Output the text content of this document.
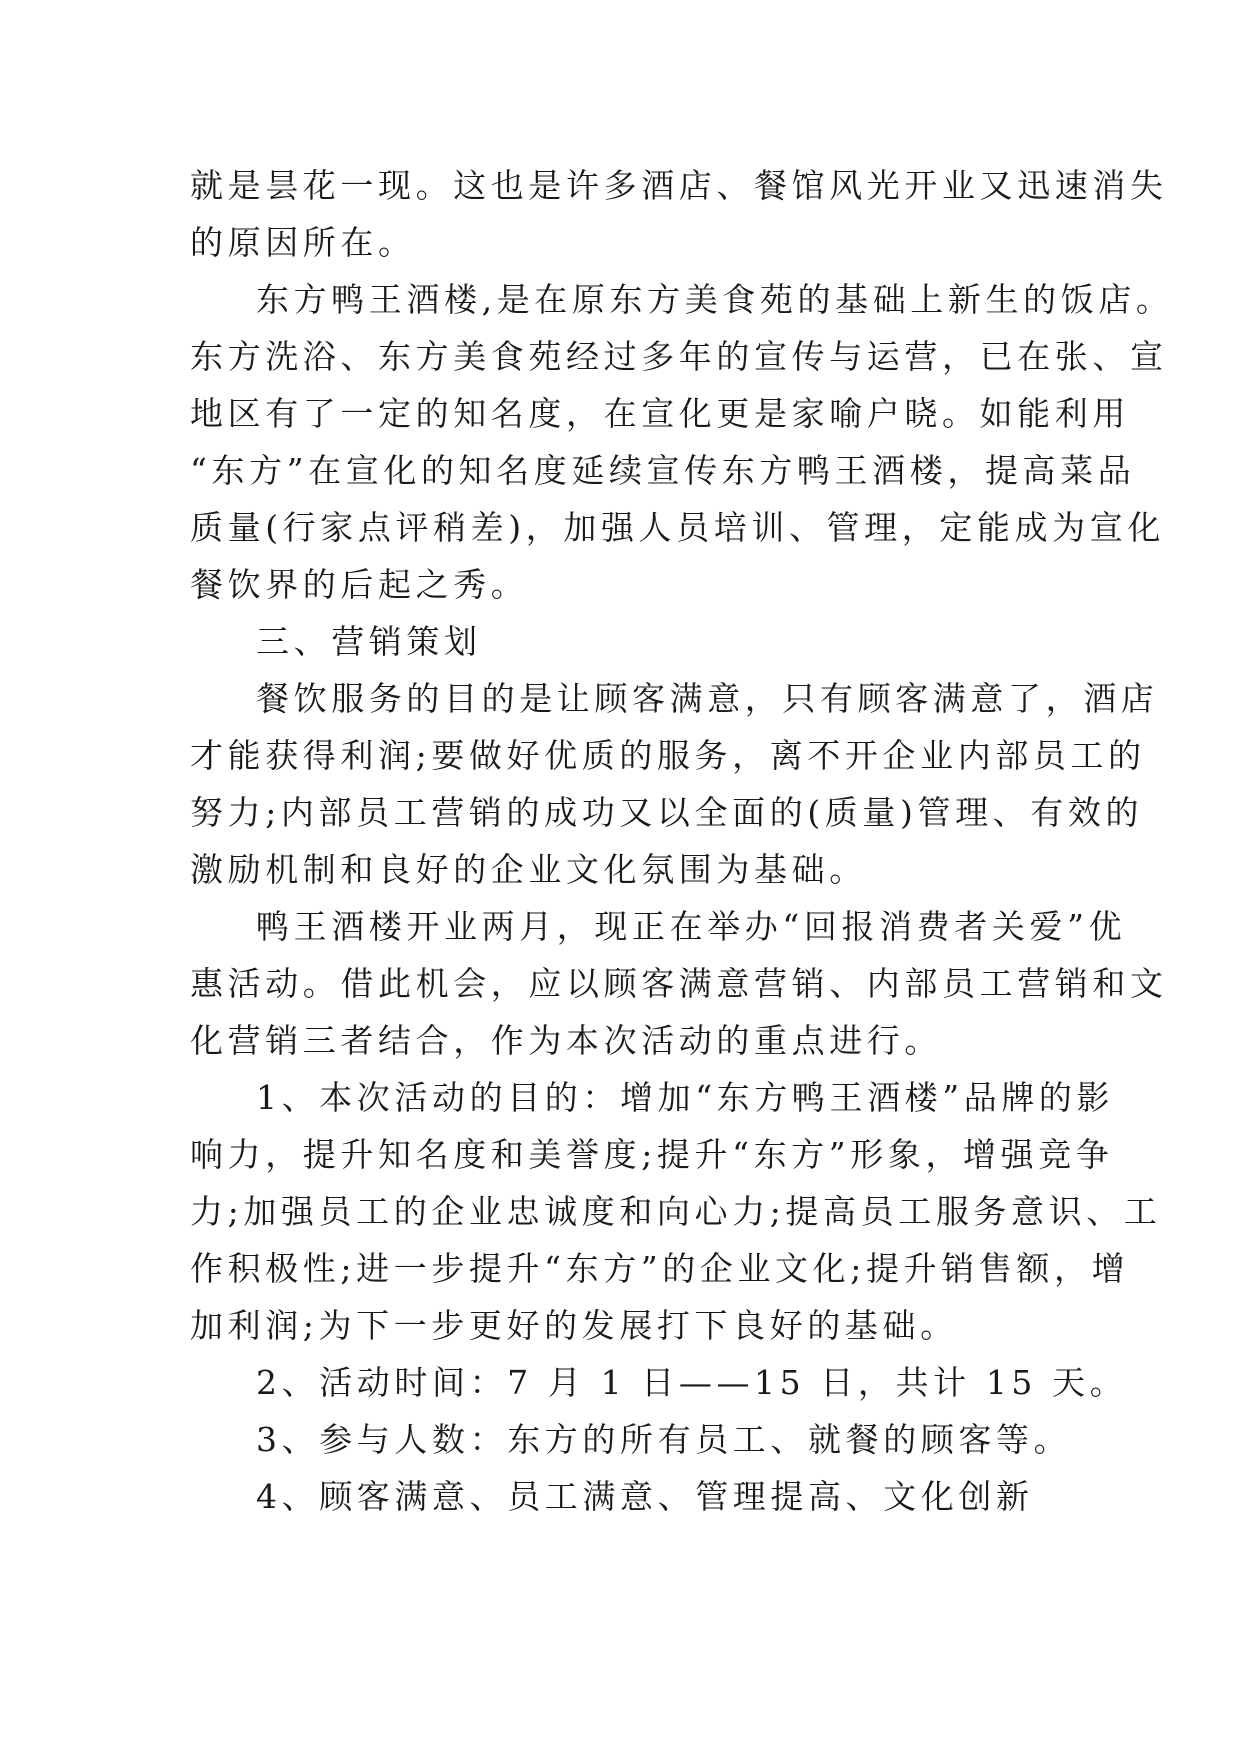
就是昙花一现。这也是许多酒店、餐馆风光开业又迅速消失
的原因所在。
东方鸭王酒楼,是在原东方美食苑的基础上新生的饭店。
东方洗浴、东方美食苑经过多年的宣传与运营，已在张、宣
地区有了一定的知名度，在宣化更是家喻户晓。如能利用
“东方”在宣化的知名度延续宣传东方鸭王酒楼，提高菜品
质量(行家点评稍差)，加强人员培训、管理，定能成为宣化
餐饮界的后起之秀。
三、营销策划
餐饮服务的目的是让顾客满意，只有顾客满意了，酒店
才能获得利润;要做好优质的服务，离不开企业内部员工的
努力;内部员工营销的成功又以全面的(质量)管理、有效的
激励机制和良好的企业文化氛围为基础。
鸭王酒楼开业两月，现正在举办“回报消费者关爱”优
惠活动。借此机会，应以顾客满意营销、内部员工营销和文
化营销三者结合，作为本次活动的重点进行。
1、本次活动的目的：增加“东方鸭王酒楼”品牌的影
响力，提升知名度和美誉度;提升“东方”形象，增强竞争
力;加强员工的企业忠诚度和向心力;提高员工服务意识、工
作积极性;进一步提升“东方”的企业文化;提升销售额，增
加利润;为下一步更好的发展打下良好的基础。
2、活动时间：7 月 1 日——15 日，共计 15 天。
3、参与人数：东方的所有员工、就餐的顾客等。
4、顾客满意、员工满意、管理提高、文化创新
